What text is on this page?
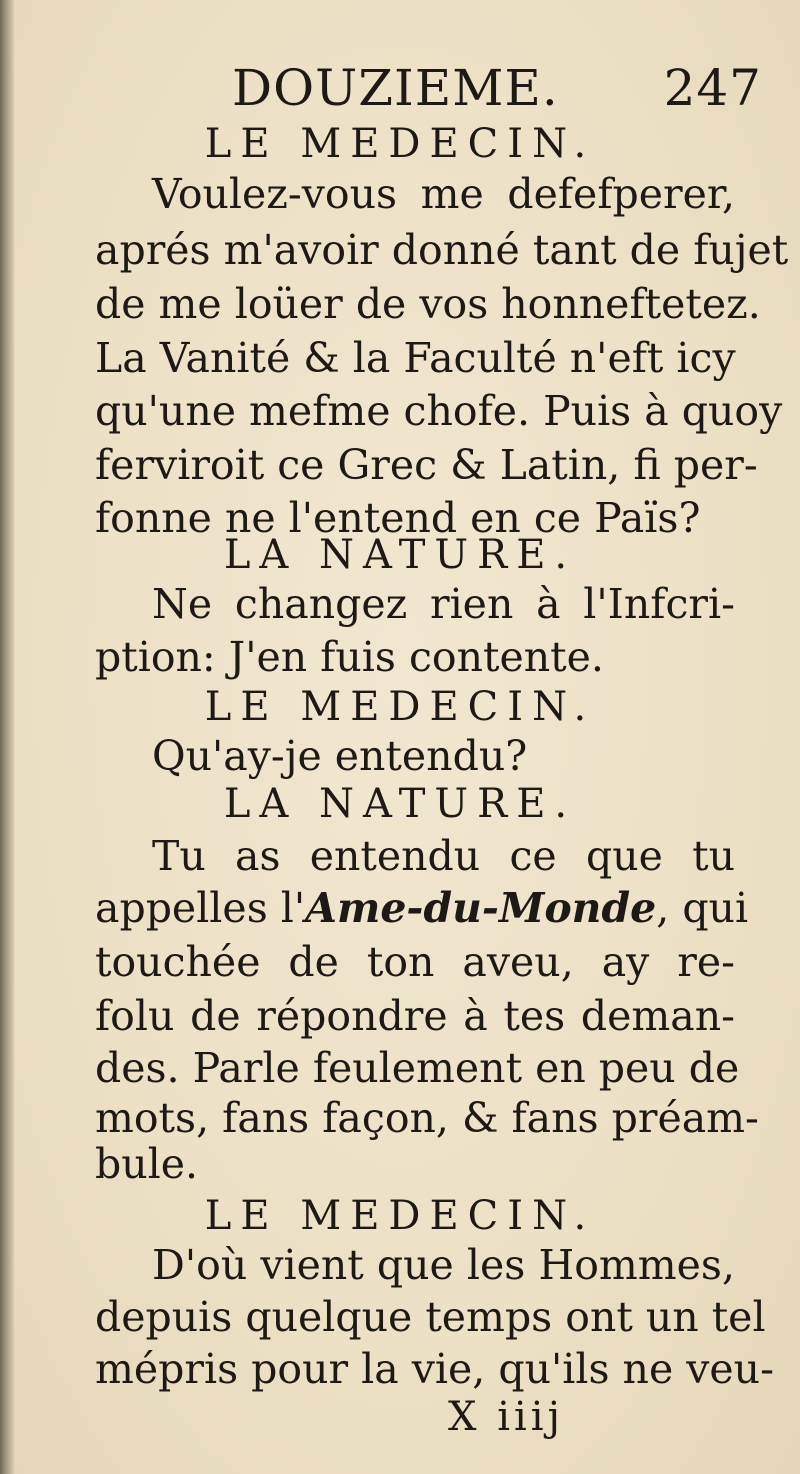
DOUZIEME. 247
LE MEDECIN.
Voulez-vous me defefperer,
aprés m'avoir donné tant de fujet
de me loüer de vos honneftetez.
La Vanité & la Faculté n'eft icy
qu'une mefme chofe. Puis à quoy
ferviroit ce Grec & Latin, fi per-
fonne ne l'entend en ce Païs?
LA NATURE.
Ne changez rien à l'Infcri-
ption: J'en fuis contente.
LE MEDECIN.
Qu'ay-je entendu?
LA NATURE.
Tu as entendu ce que tu
appelles l'Ame-du-Monde, qui
touchée de ton aveu, ay re-
folu de répondre à tes deman-
des. Parle feulement en peu de
mots, fans façon, & fans préam-
bule.
LE MEDECIN.
D'où vient que les Hommes,
depuis quelque temps ont un tel
mépris pour la vie, qu'ils ne veu-
X iiij
